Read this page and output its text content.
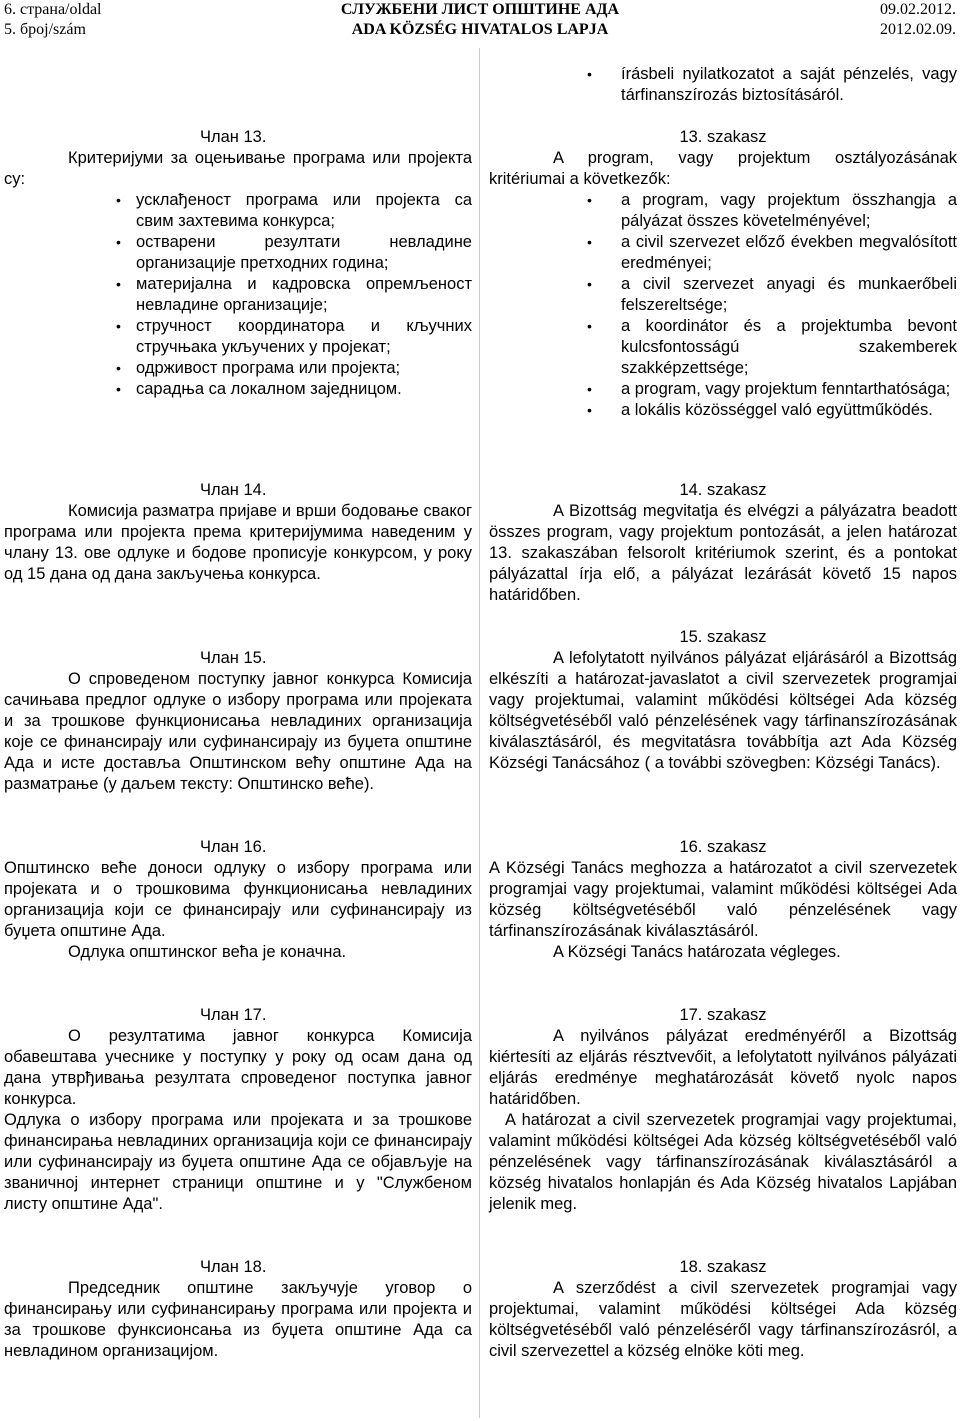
6. страна/oldal	СЛУЖБЕНИ ЛИСТ ОПШТИНЕ АДА	09.02.2012.
5. број/szám	ADA KÖZSÉG HIVATALOS LAPJA	2012.02.09.

Члан 13.

Критеријуми за оцењивање програма или пројекта су:

• усклађеност програма или пројекта са свим захтевима конкурса;
• остварени резултати невладине организације претходних година;
• материјална и кадровска опремљеност невладине организације;
• стручност координатора и кључних стручњака укључених у пројекат;
• одрживост програма или пројекта;
• сарадња са локалном заједницом.

Члан 14.

Комисија разматра пријаве и врши бодовање сваког програма или пројекта према критеријумима наведеним у члану 13. ове одлуке и бодове прописује конкурсом, у року од 15 дана од дана закључења конкурса.

Члан 15.

О спроведеном поступку јавног конкурса Комисија сачињава предлог одлуке о избору програма или пројеката и за трошкове функционисања невладиних организација које се финансирају или суфинансирају из буџета општине Ада и исте доставља Општинском већу општине Ада на разматрање (у даљем тексту: Општинско веће).

Члан 16.

Општинско веће доноси одлуку о избору програма или пројеката и о трошковима функционисања невладиних организација који се финансирају или суфинансирају из буџета општине Ада.

Одлука општинског већа је коначна.

Члан 17.

О резултатима јавног конкурса Комисија обавештава учеснике у поступку у року од осам дана од дана утврђивања резултата спроведеног поступка јавног конкурса.

Одлука о избору програма или пројеката и за трошкове финансирања невладиних организација који се финансирају или суфинансирају из буџета општине Ада се објављује на званичној интернет страници општине и у "Службеном листу општине Ада".

Члан 18.

Председник општине закључује уговор о финансирању или суфинансирању програма или пројекта и за трошкове функсионсања из буџета општине Ада са невладином организацијом.

• írásbeli nyilatkozatot a saját pénzelés, vagy tárfinanszírozás biztosításáról.

13. szakasz

A program, vagy projektum osztályozásának kritériumai a következők:

• a program, vagy projektum összhangja a pályázat összes követelményével;
• a civil szervezet előző években megvalósított eredményei;
• a civil szervezet anyagi és munkaerőbeli felszereltsége;
• a koordinátor és a projektumba bevont kulcsfontosságú szakemberek szakképzettsége;
• a program, vagy projektum fenntarthatósága;
• a lokális közösséggel való együttműködés.

14. szakasz

A Bizottság megvitatja és elvégzi a pályázatra beadott összes program, vagy projektum pontozását, a jelen határozat 13. szakaszában felsorolt kritériumok szerint, és a pontokat pályázattal írja elő, a pályázat lezárását követő 15 napos határidőben.

15. szakasz

A lefolytatott nyilvános pályázat eljárásáról a Bizottság elkészíti a határozat-javaslatot a civil szervezetek programjai vagy projektumai, valamint működési költségei Ada község költségvetéséből való pénzelésének vagy tárfinanszírozásának kiválasztásáról, és megvitatásra továbbítja azt Ada Község Községi Tanácsához ( a további szövegben: Községi Tanács).

16. szakasz

A Községi Tanács meghozza a határozatot a civil szervezetek programjai vagy projektumai, valamint működési költségei Ada község költségvetéséből való pénzelésének vagy tárfinanszírozásának kiválasztásáról.

A Községi Tanács határozata végleges.

17. szakasz

A nyilvános pályázat eredményéről a Bizottság kiértesíti az eljárás résztvevőit, a lefolytatott nyilvános pályázati eljárás eredménye meghatározását követő nyolc napos határidőben.

A határozat a civil szervezetek programjai vagy projektumai, valamint működési költségei Ada község költségvetéséből való pénzelésének vagy tárfinanszírozásának kiválasztásáról a község hivatalos honlapján és Ada Község hivatalos Lapjában jelenik meg.

18. szakasz

A szerződést a civil szervezetek programjai vagy projektumai, valamint működési költségei Ada község költségvetéséből való pénzeléséről vagy tárfinanszírozásról, a civil szervezettel a község elnöke köti meg.
